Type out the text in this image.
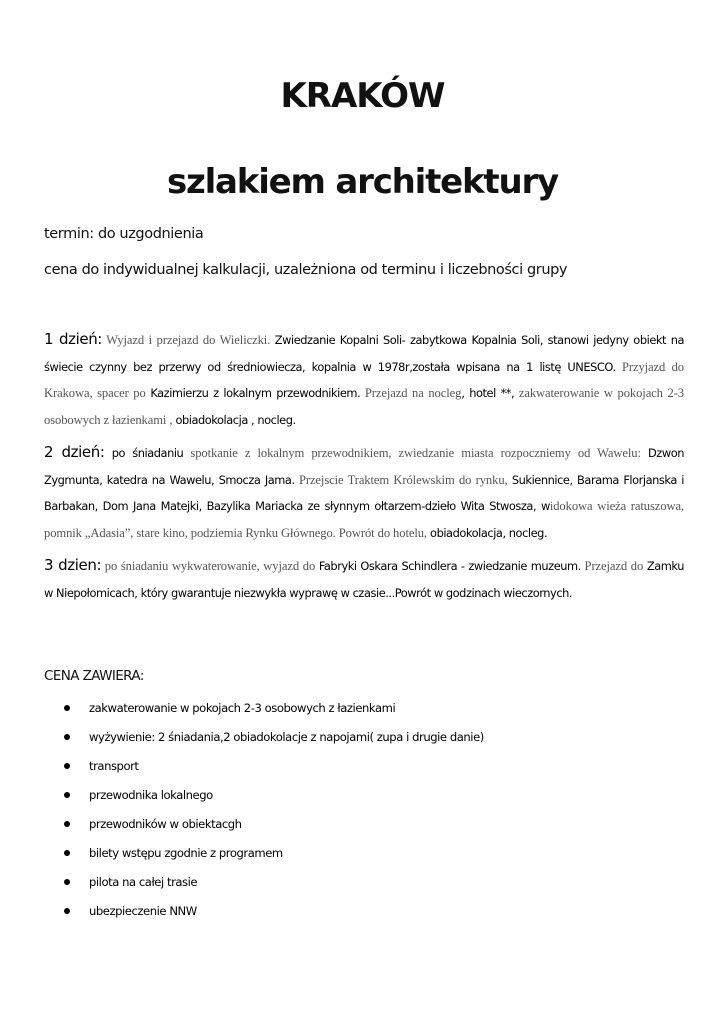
KRAKÓW
szlakiem architektury
termin: do uzgodnienia
cena do indywidualnej kalkulacji, uzależniona od terminu i liczebności grupy

1 dzień: Wyjazd i przejazd do Wieliczki. Zwiedzanie Kopalni Soli- zabytkowa Kopalnia Soli, stanowi jedyny obiekt na świecie czynny bez przerwy od średniowiecza, kopalnia w 1978r,została wpisana na 1 listę UNESCO. Przyjazd do Krakowa, spacer po Kazimierzu z lokalnym przewodnikiem. Przejazd na nocleg, hotel **, zakwaterowanie w pokojach 2-3 osobowych z łazienkami , obiadokolacja , nocleg.

2 dzień: po śniadaniu spotkanie z lokalnym przewodnikiem, zwiedzanie miasta rozpoczniemy od Wawelu: Dzwon Zygmunta, katedra na Wawelu, Smocza Jama. Przejscie Traktem Królewskim do rynku, Sukiennice, Barama Florjanska i Barbakan, Dom Jana Matejki, Bazylika Mariacka ze słynnym ołtarzem-dzieło Wita Stwosza, widokowa wieża ratuszowa, pomnik „Adasia”, stare kino, podziemia Rynku Głównego. Powrót do hotelu, obiadokolacja, nocleg.

3 dzien: po śniadaniu wykwaterowanie, wyjazd do Fabryki Oskara Schindlera - zwiedzanie muzeum. Przejazd do Zamku w Niepołomicach, który gwarantuje niezwykła wyprawę w czasie...Powrót w godzinach wieczornych.

CENA ZAWIERA:
zakwaterowanie w pokojach 2-3 osobowych z łazienkami
wyżywienie: 2 śniadania,2 obiadokolacje z napojami( zupa i drugie danie)
transport
przewodnika lokalnego
przewodników w obiektacgh
bilety wstępu zgodnie z programem
pilota na całej trasie
ubezpieczenie NNW
